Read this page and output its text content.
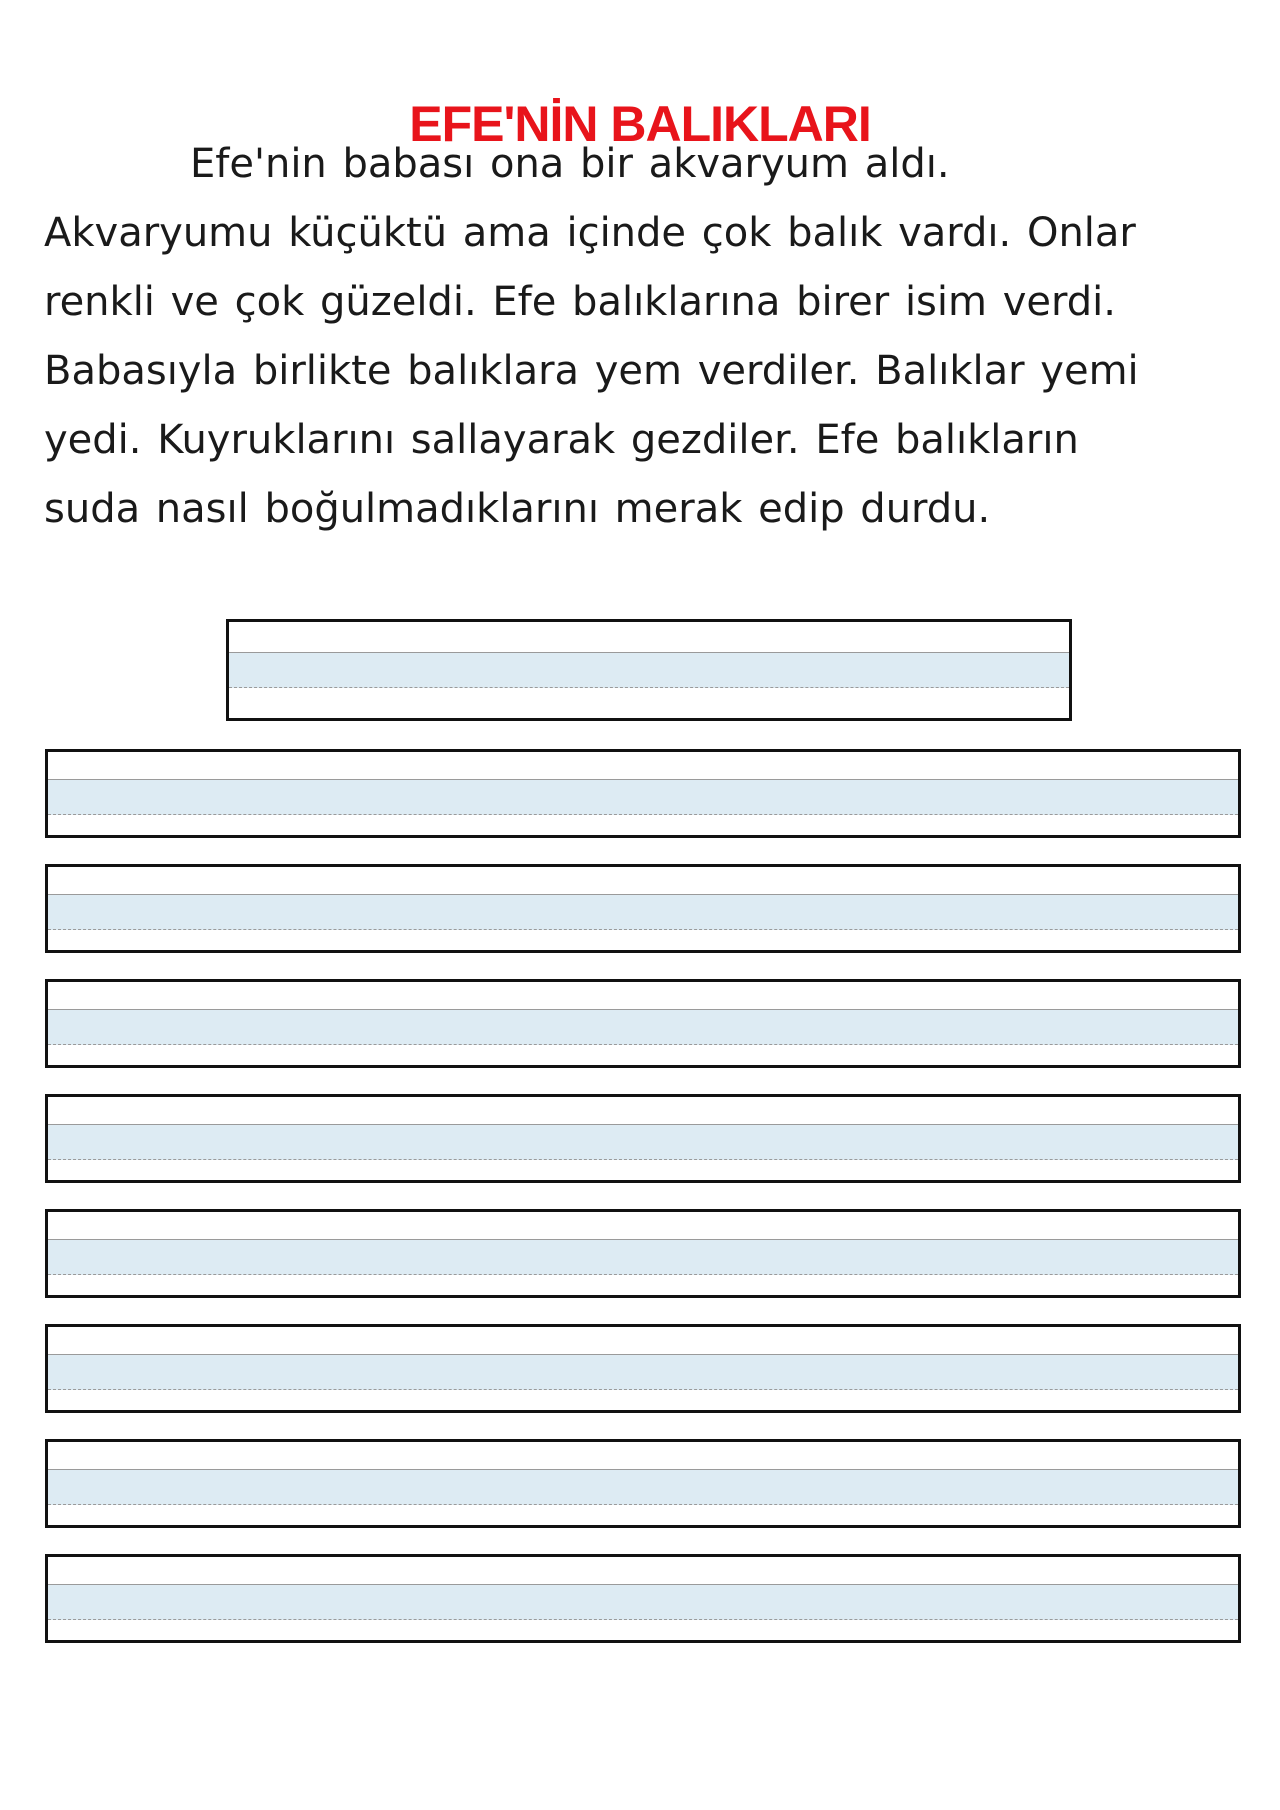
EFE'NİN BALIKLARI

Efe'nin babası ona bir akvaryum aldı.
Akvaryumu küçüktü ama içinde çok balık vardı. Onlar
renkli ve çok güzeldi. Efe balıklarına birer isim verdi.
Babasıyla birlikte balıklara yem verdiler. Balıklar yemi
yedi. Kuyruklarını sallayarak gezdiler. Efe balıkların
suda nasıl boğulmadıklarını merak edip durdu.
